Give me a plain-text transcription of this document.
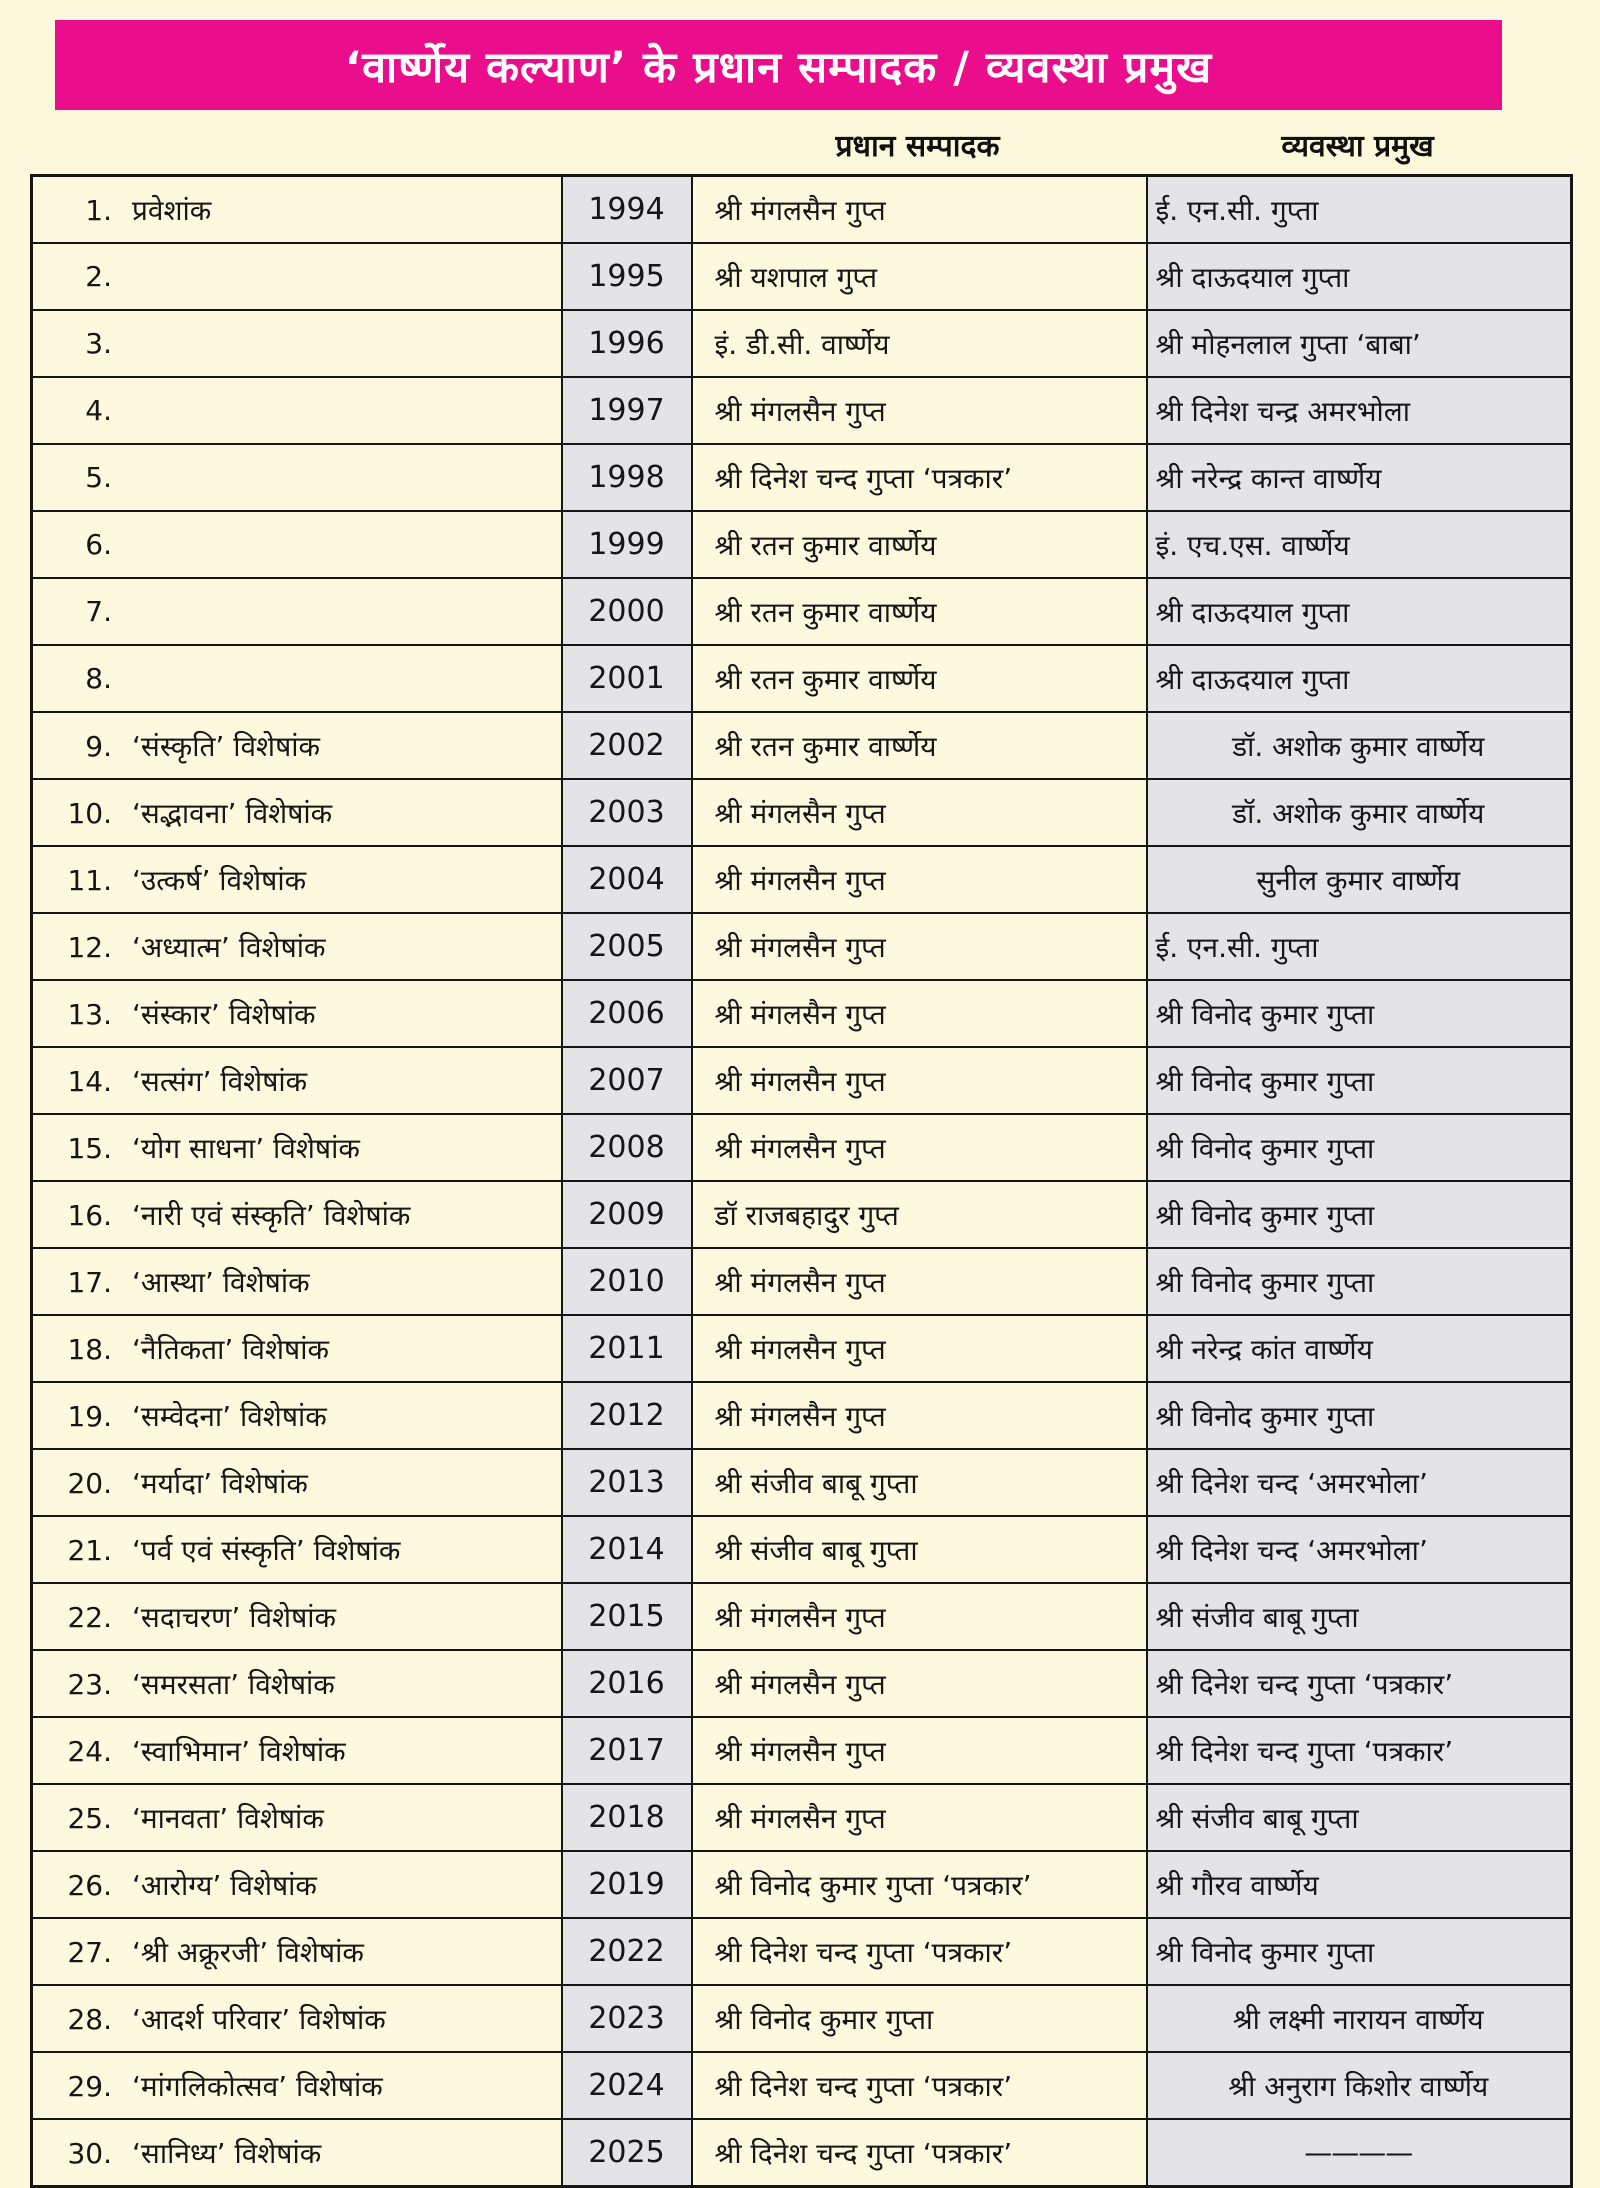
‘वार्ष्णेय कल्याण’ के प्रधान सम्पादक / व्यवस्था प्रमुख
प्रधान सम्पादक	व्यवस्था प्रमुख
1. प्रवेशांक	1994	श्री मंगलसैन गुप्त	ई. एन.सी. गुप्ता
2.	1995	श्री यशपाल गुप्त	श्री दाऊदयाल गुप्ता
3.	1996	इं. डी.सी. वार्ष्णेय	श्री मोहनलाल गुप्ता ‘बाबा’
4.	1997	श्री मंगलसैन गुप्त	श्री दिनेश चन्द्र अमरभोला
5.	1998	श्री दिनेश चन्द गुप्ता ‘पत्रकार’	श्री नरेन्द्र कान्त वार्ष्णेय
6.	1999	श्री रतन कुमार वार्ष्णेय	इं. एच.एस. वार्ष्णेय
7.	2000	श्री रतन कुमार वार्ष्णेय	श्री दाऊदयाल गुप्ता
8.	2001	श्री रतन कुमार वार्ष्णेय	श्री दाऊदयाल गुप्ता
9. ‘संस्कृति’ विशेषांक	2002	श्री रतन कुमार वार्ष्णेय	डॉ. अशोक कुमार वार्ष्णेय
10. ‘सद्भावना’ विशेषांक	2003	श्री मंगलसैन गुप्त	डॉ. अशोक कुमार वार्ष्णेय
11. ‘उत्कर्ष’ विशेषांक	2004	श्री मंगलसैन गुप्त	सुनील कुमार वार्ष्णेय
12. ‘अध्यात्म’ विशेषांक	2005	श्री मंगलसैन गुप्त	ई. एन.सी. गुप्ता
13. ‘संस्कार’ विशेषांक	2006	श्री मंगलसैन गुप्त	श्री विनोद कुमार गुप्ता
14. ‘सत्संग’ विशेषांक	2007	श्री मंगलसैन गुप्त	श्री विनोद कुमार गुप्ता
15. ‘योग साधना’ विशेषांक	2008	श्री मंगलसैन गुप्त	श्री विनोद कुमार गुप्ता
16. ‘नारी एवं संस्कृति’ विशेषांक	2009	डॉ राजबहादुर गुप्त	श्री विनोद कुमार गुप्ता
17. ‘आस्था’ विशेषांक	2010	श्री मंगलसैन गुप्त	श्री विनोद कुमार गुप्ता
18. ‘नैतिकता’ विशेषांक	2011	श्री मंगलसैन गुप्त	श्री नरेन्द्र कांत वार्ष्णेय
19. ‘सम्वेदना’ विशेषांक	2012	श्री मंगलसैन गुप्त	श्री विनोद कुमार गुप्ता
20. ‘मर्यादा’ विशेषांक	2013	श्री संजीव बाबू गुप्ता	श्री दिनेश चन्द ‘अमरभोला’
21. ‘पर्व एवं संस्कृति’ विशेषांक	2014	श्री संजीव बाबू गुप्ता	श्री दिनेश चन्द ‘अमरभोला’
22. ‘सदाचरण’ विशेषांक	2015	श्री मंगलसैन गुप्त	श्री संजीव बाबू गुप्ता
23. ‘समरसता’ विशेषांक	2016	श्री मंगलसैन गुप्त	श्री दिनेश चन्द गुप्ता ‘पत्रकार’
24. ‘स्वाभिमान’ विशेषांक	2017	श्री मंगलसैन गुप्त	श्री दिनेश चन्द गुप्ता ‘पत्रकार’
25. ‘मानवता’ विशेषांक	2018	श्री मंगलसैन गुप्त	श्री संजीव बाबू गुप्ता
26. ‘आरोग्य’ विशेषांक	2019	श्री विनोद कुमार गुप्ता ‘पत्रकार’	श्री गौरव वार्ष्णेय
27. ‘श्री अक्रूरजी’ विशेषांक	2022	श्री दिनेश चन्द गुप्ता ‘पत्रकार’	श्री विनोद कुमार गुप्ता
28. ‘आदर्श परिवार’ विशेषांक	2023	श्री विनोद कुमार गुप्ता	श्री लक्ष्मी नारायन वार्ष्णेय
29. ‘मांगलिकोत्सव’ विशेषांक	2024	श्री दिनेश चन्द गुप्ता ‘पत्रकार’	श्री अनुराग किशोर वार्ष्णेय
30. ‘सानिध्य’ विशेषांक	2025	श्री दिनेश चन्द गुप्ता ‘पत्रकार’	————
